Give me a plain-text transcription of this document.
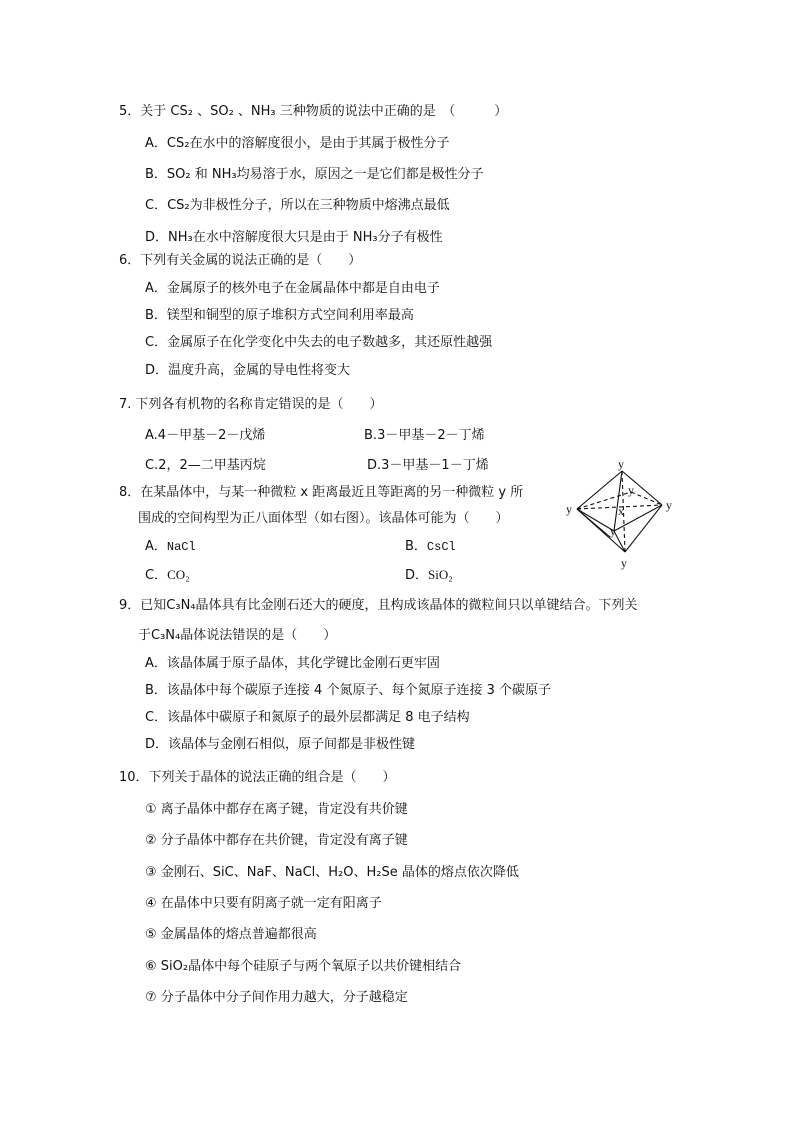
5．关于 CS₂ 、SO₂ 、NH₃ 三种物质的说法中正确的是　 （　　　）
A．CS₂在水中的溶解度很小，是由于其属于极性分子
B．SO₂ 和 NH₃均易溶于水，原因之一是它们都是极性分子
C．CS₂为非极性分子，所以在三种物质中熔沸点最低
D．NH₃在水中溶解度很大只是由于 NH₃分子有极性
6．下列有关金属的说法正确的是（　　）
A．金属原子的核外电子在金属晶体中都是自由电子
B．镁型和铜型的原子堆积方式空间利用率最高
C．金属原子在化学变化中失去的电子数越多，其还原性越强
D．温度升高，金属的导电性将变大
7. 下列各有机物的名称肯定错误的是（　　）
A.4－甲基－2－戊烯	B.3－甲基－2－丁烯
C.2，2—二甲基丙烷	D.3－甲基－1－丁烯
8．在某晶体中，与某一种微粒 x 距离最近且等距离的另一种微粒 y 所
围成的空间构型为正八面体型（如右图）。该晶体可能为（　　）
A．NaCl	B．CsCl
C．CO₂	D．SiO₂
y
y
y	y
y
y
x
9．已知C₃N₄晶体具有比金刚石还大的硬度，且构成该晶体的微粒间只以单键结合。下列关
于C₃N₄晶体说法错误的是（　　）
A．该晶体属于原子晶体，其化学键比金刚石更牢固
B．该晶体中每个碳原子连接 4 个氮原子、每个氮原子连接 3 个碳原子
C．该晶体中碳原子和氮原子的最外层都满足 8 电子结构
D．该晶体与金刚石相似，原子间都是非极性键
10．下列关于晶体的说法正确的组合是（　　）
① 离子晶体中都存在离子键，肯定没有共价键
② 分子晶体中都存在共价键，肯定没有离子键
③ 金刚石、SiC、NaF、NaCl、H₂O、H₂Se 晶体的熔点依次降低
④ 在晶体中只要有阴离子就一定有阳离子
⑤ 金属晶体的熔点普遍都很高
⑥ SiO₂晶体中每个硅原子与两个氧原子以共价键相结合
⑦ 分子晶体中分子间作用力越大，分子越稳定
